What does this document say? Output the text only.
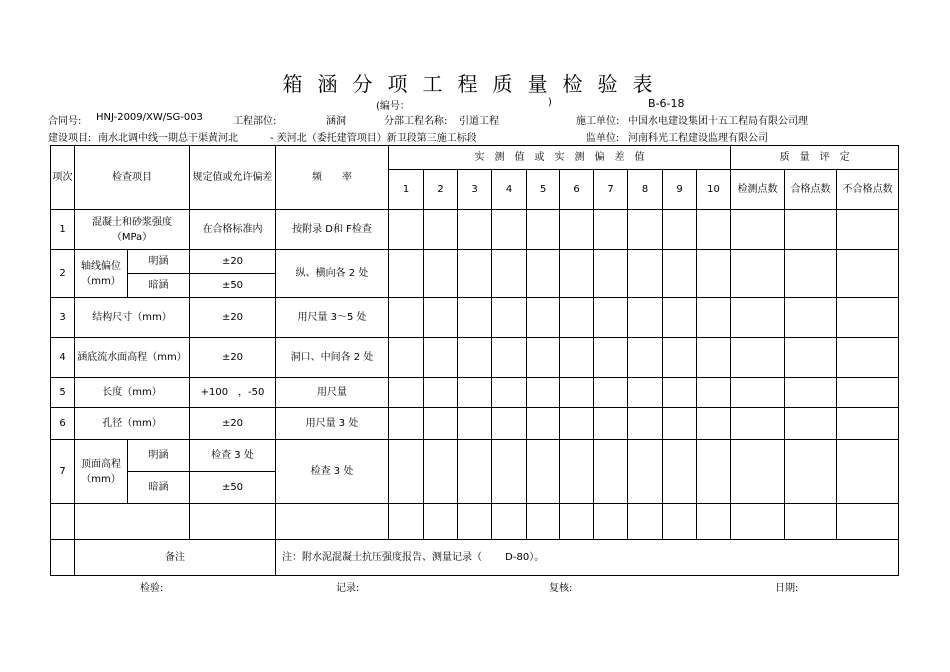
箱涵分项工程质量检验表
(编号：	)	B-6-18
合同号: HNJ-2009/XW/SG-003	工程部位:	涵洞	分部工程名称: 引道工程	施工单位: 中国水电建设集团十五工程局有限公司理
建设项目: 南水北调中线一期总干渠黄河北	- 羑河北（委托建管项目）新卫段第三施工标段	监单位: 河南科光工程建设监理有限公司
项次	检查项目		规定值或允许偏差	频　　率	实　测　值　或　实　测　偏　差　值										质　量　评　定		
					1	2	3	4	5	6	7	8	9	10	检测点数	合格点数	不合格点数
1	混凝土和砂浆强度（MPa）		在合格标准内	按附录 D和 F检查													
2	轴线偏位（mm）	明涵	±20	纵、横向各 2 处													
		暗涵	±50														
3	结构尺寸（mm）		±20	用尺量 3～5 处													
4	涵底流水面高程（mm）		±20	洞口、中间各 2 处													
5	长度（mm）		+100　，-50	用尺量													
6	孔径（mm）		±20	用尺量 3 处													
7	顶面高程（mm）	明涵	检查 3 处	检查 3 处													
		暗涵	±50														

	备注			注：附水泥混凝土抗压强度报告、测量记录（　　 D-80）。													
检验:	记录:	复核:	日期:
